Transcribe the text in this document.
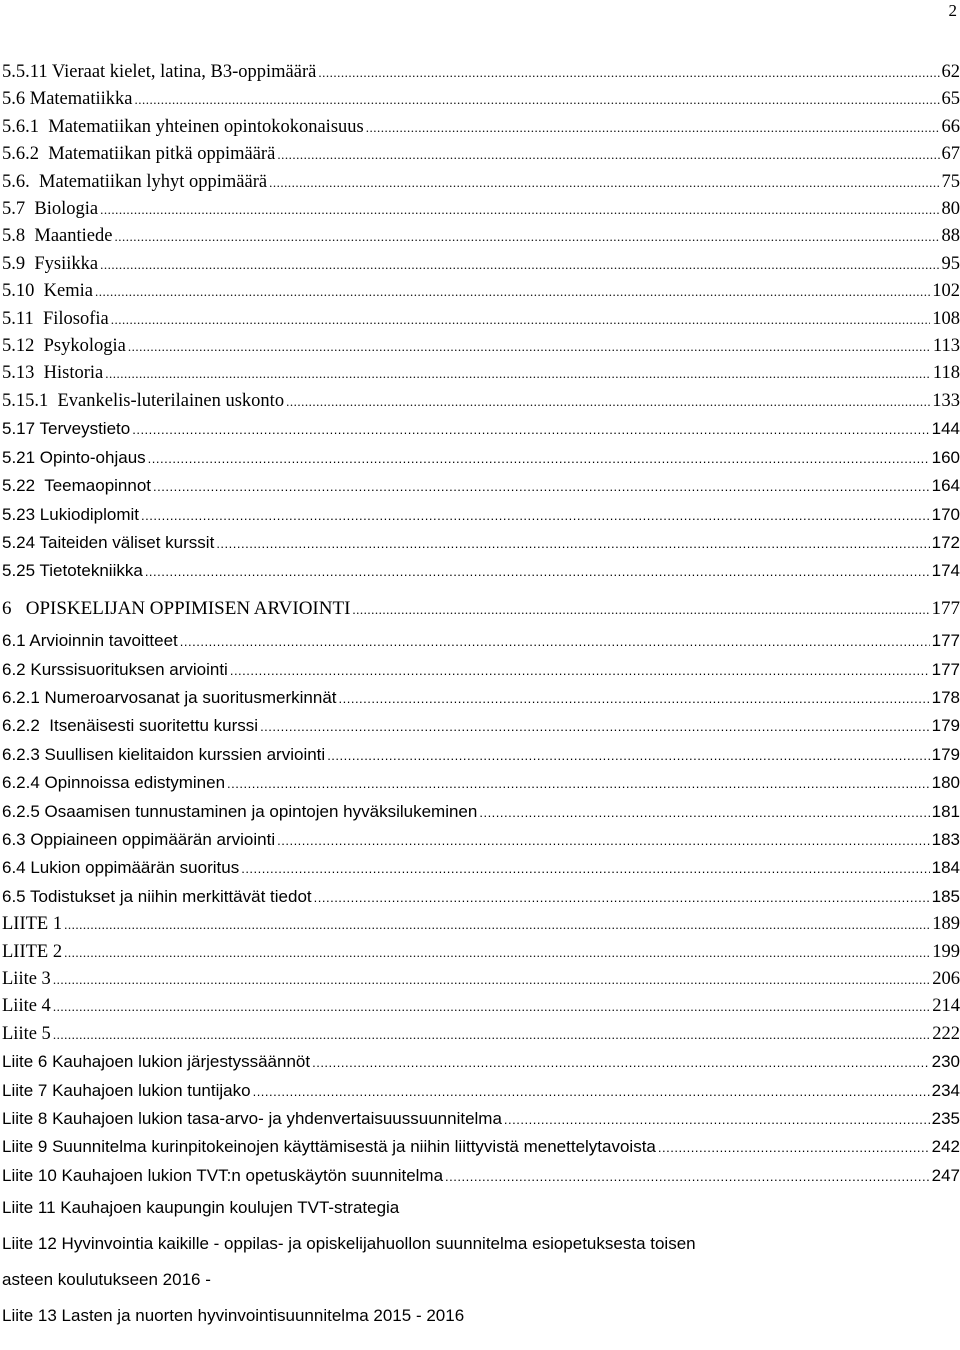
2
5.5.11 Vieraat kielet, latina, B3-oppimäärä .....	62
5.6 Matematiikka .....	65
5.6.1  Matematiikan yhteinen opintokokonaisuus .....	66
5.6.2  Matematiikan pitkä oppimäärä .....	67
5.6.  Matematiikan lyhyt oppimäärä .....	75
5.7  Biologia .....	80
5.8  Maantiede .....	88
5.9  Fysiikka .....	95
5.10  Kemia .....	102
5.11  Filosofia .....	108
5.12  Psykologia .....	113
5.13  Historia .....	118
5.15.1  Evankelis-luterilainen uskonto .....	133
5.17 Terveystieto .....	144
5.21 Opinto-ohjaus .....	160
5.22  Teemaopinnot .....	164
5.23 Lukiodiplomit .....	170
5.24 Taiteiden väliset kurssit .....	172
5.25 Tietotekniikka .....	174
6   OPISKELIJAN OPPIMISEN ARVIOINTI .....	177
6.1 Arvioinnin tavoitteet .....	177
6.2 Kurssisuorituksen arviointi .....	177
6.2.1 Numeroarvosanat ja suoritusmerkinnät .....	178
6.2.2  Itsenäisesti suoritettu kurssi .....	179
6.2.3 Suullisen kielitaidon kurssien arviointi .....	179
6.2.4 Opinnoissa edistyminen .....	180
6.2.5 Osaamisen tunnustaminen ja opintojen hyväksilukeminen .....	181
6.3 Oppiaineen oppimäärän arviointi .....	183
6.4 Lukion oppimäärän suoritus .....	184
6.5 Todistukset ja niihin merkittävät tiedot .....	185
LIITE 1 .....	189
LIITE 2 .....	199
Liite 3 .....	206
Liite 4 .....	214
Liite 5 .....	222
Liite 6 Kauhajoen lukion järjestyssäännöt .....	230
Liite 7 Kauhajoen lukion tuntijako .....	234
Liite 8 Kauhajoen lukion tasa-arvo- ja yhdenvertaisuussuunnitelma .....	235
Liite 9 Suunnitelma kurinpitokeinojen käyttämisestä ja niihin liittyvistä menettelytavoista .....	242
Liite 10 Kauhajoen lukion TVT:n opetuskäytön suunnitelma .....	247
Liite 11 Kauhajoen kaupungin koulujen TVT-strategia
Liite 12 Hyvinvointia kaikille - oppilas- ja opiskelijahuollon suunnitelma esiopetuksesta toisen
asteen koulutukseen 2016 -
Liite 13 Lasten ja nuorten hyvinvointisuunnitelma 2015 - 2016
